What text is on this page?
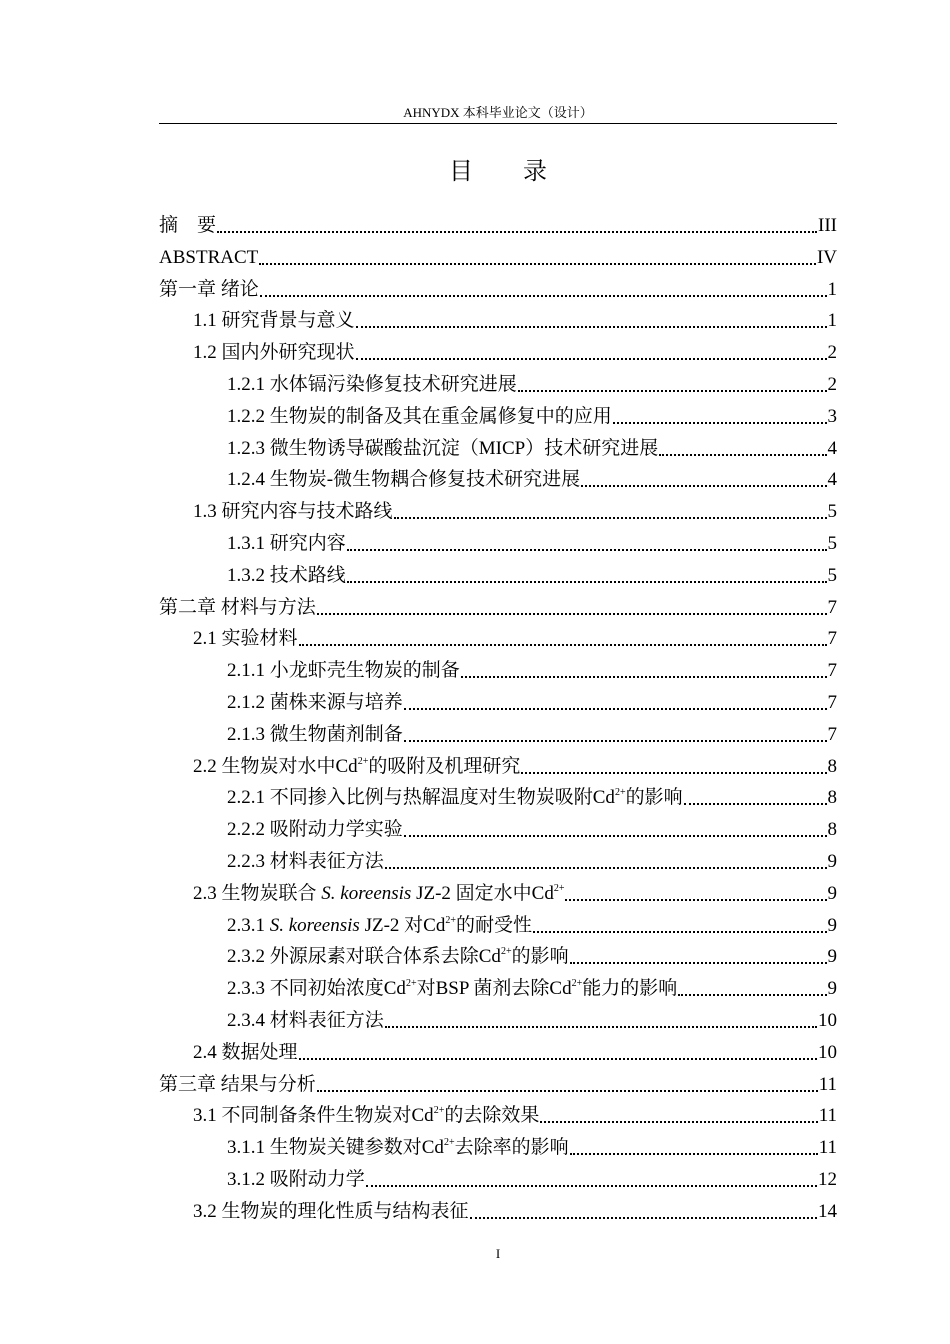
AHNYDX 本科毕业论文（设计）
目 录
摘　要	III
ABSTRACT	IV
第一章 绪论	1
1.1 研究背景与意义	1
1.2 国内外研究现状	2
1.2.1 水体镉污染修复技术研究进展	2
1.2.2 生物炭的制备及其在重金属修复中的应用	3
1.2.3 微生物诱导碳酸盐沉淀（MICP）技术研究进展	4
1.2.4 生物炭-微生物耦合修复技术研究进展	4
1.3 研究内容与技术路线	5
1.3.1 研究内容	5
1.3.2 技术路线	5
第二章 材料与方法	7
2.1 实验材料	7
2.1.1 小龙虾壳生物炭的制备	7
2.1.2 菌株来源与培养	7
2.1.3 微生物菌剂制备	7
2.2 生物炭对水中$Cd^{2+}$的吸附及机理研究	8
2.2.1 不同掺入比例与热解温度对生物炭吸附$Cd^{2+}$的影响	8
2.2.2 吸附动力学实验	8
2.2.3 材料表征方法	9
2.3 生物炭联合 S. koreensis JZ-2 固定水中$Cd^{2+}$	9
2.3.1 S. koreensis JZ-2 对$Cd^{2+}$的耐受性	9
2.3.2 外源尿素对联合体系去除$Cd^{2+}$的影响	9
2.3.3 不同初始浓度$Cd^{2+}$对BSP 菌剂去除$Cd^{2+}$能力的影响	9
2.3.4 材料表征方法	10
2.4 数据处理	10
第三章 结果与分析	11
3.1 不同制备条件生物炭对$Cd^{2+}$的去除效果	11
3.1.1 生物炭关键参数对$Cd^{2+}$去除率的影响	11
3.1.2 吸附动力学	12
3.2 生物炭的理化性质与结构表征	14
I
